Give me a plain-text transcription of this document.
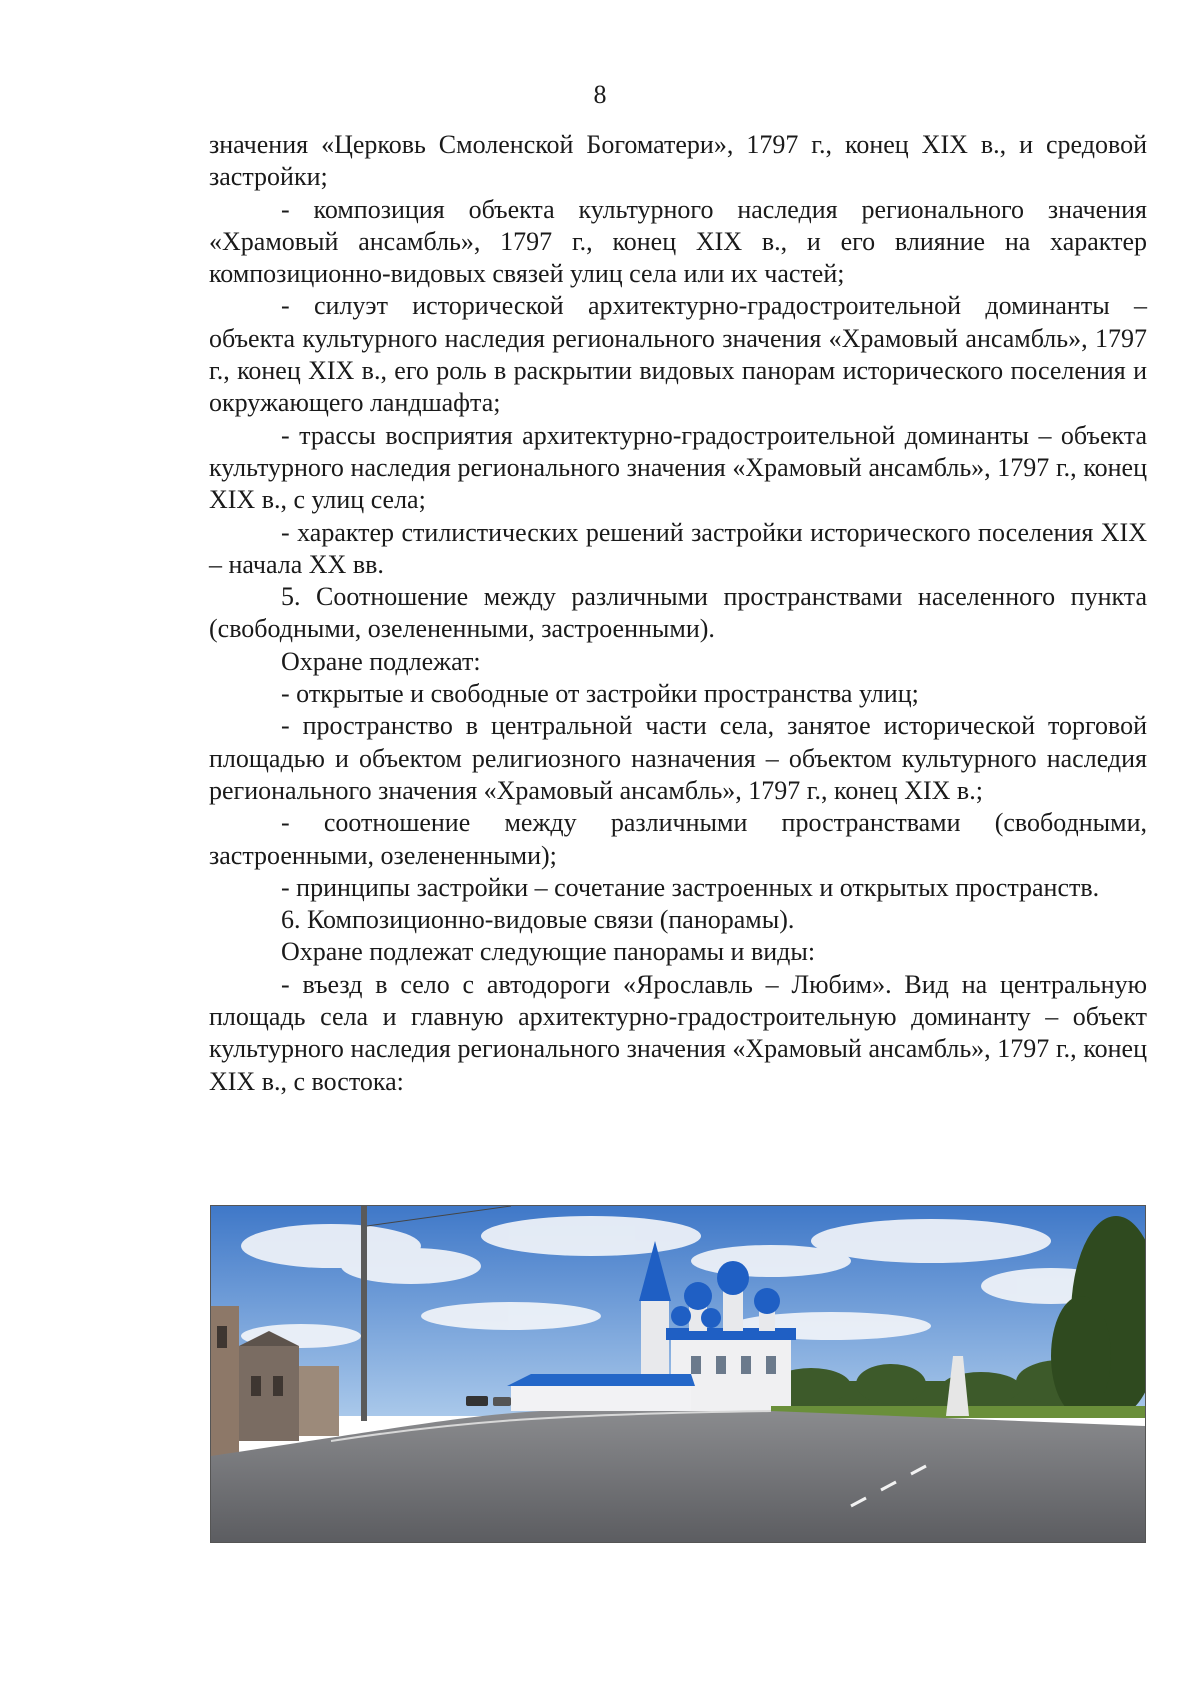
8

значения «Церковь Смоленской Богоматери», 1797 г., конец XIX в., и средовой застройки;

- композиция объекта культурного наследия регионального значения «Храмовый ансамбль», 1797 г., конец XIX в., и его влияние на характер композиционно-видовых связей улиц села или их частей;

- силуэт исторической архитектурно-градостроительной доминанты – объекта культурного наследия регионального значения «Храмовый ансамбль», 1797 г., конец XIX в., его роль в раскрытии видовых панорам исторического поселения и окружающего ландшафта;

- трассы восприятия архитектурно-градостроительной доминанты – объекта культурного наследия регионального значения «Храмовый ансамбль», 1797 г., конец XIX в., с улиц села;

- характер стилистических решений застройки исторического поселения XIX – начала XX вв.

5. Соотношение между различными пространствами населенного пункта (свободными, озелененными, застроенными).

Охране подлежат:

- открытые и свободные от застройки пространства улиц;

- пространство в центральной части села, занятое исторической торговой площадью и объектом религиозного назначения – объектом культурного наследия регионального значения «Храмовый ансамбль», 1797 г., конец XIX в.;

- соотношение между различными пространствами (свободными, застроенными, озелененными);

- принципы застройки – сочетание застроенных и открытых пространств.

6. Композиционно-видовые связи (панорамы).

Охране подлежат следующие панорамы и виды:

- въезд в село с автодороги «Ярославль – Любим». Вид на центральную площадь села и главную архитектурно-градостроительную доминанту – объект культурного наследия регионального значения «Храмовый ансамбль», 1797 г., конец XIX в., с востока:
